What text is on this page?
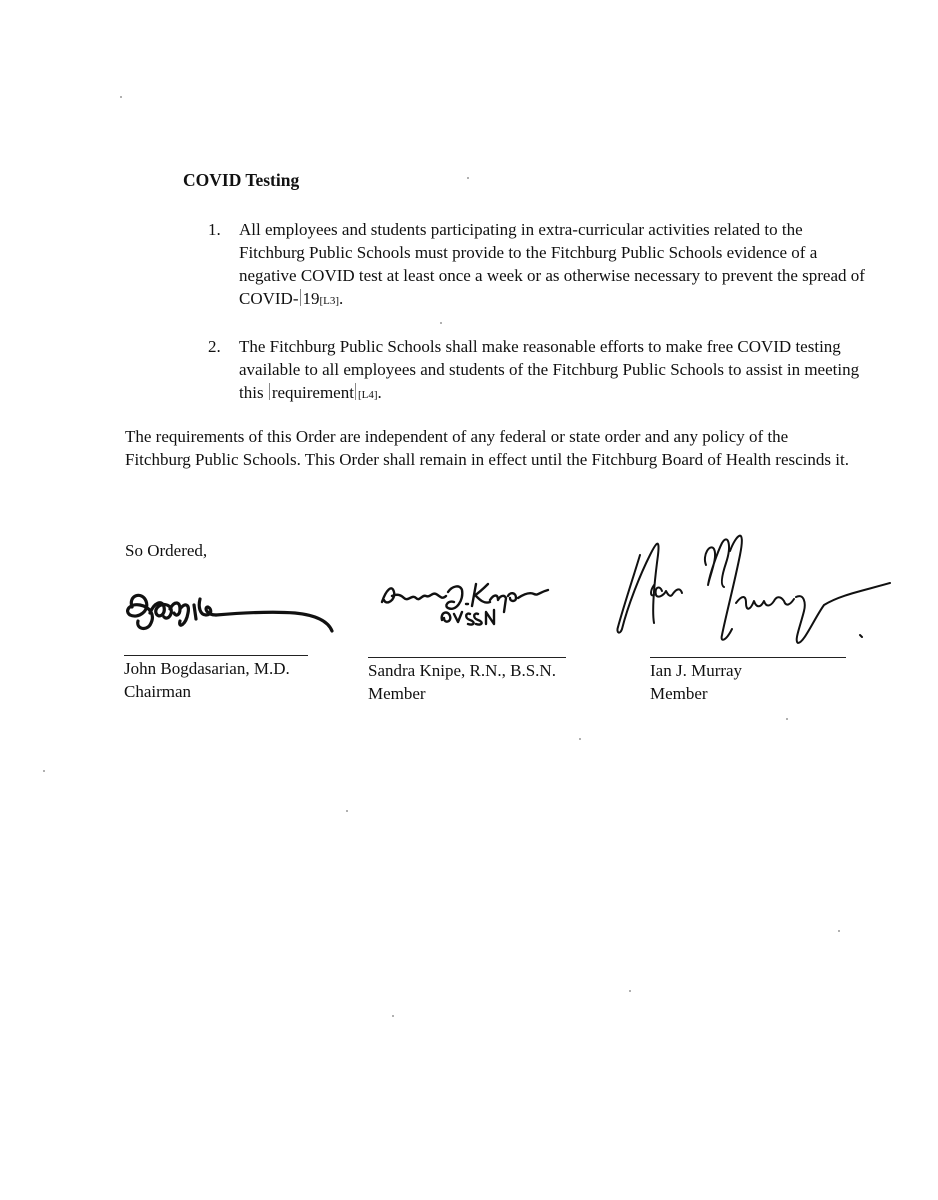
COVID Testing
1. All employees and students participating in extra-curricular activities related to the Fitchburg Public Schools must provide to the Fitchburg Public Schools evidence of a negative COVID test at least once a week or as otherwise necessary to prevent the spread of COVID- 19[L3].
2. The Fitchburg Public Schools shall make reasonable efforts to make free COVID testing available to all employees and students of the Fitchburg Public Schools to assist in meeting this requirement [L4].
The requirements of this Order are independent of any federal or state order and any policy of the Fitchburg Public Schools. This Order shall remain in effect until the Fitchburg Board of Health rescinds it.
So Ordered,
John Bogdasarian, M.D.
Chairman
Sandra Knipe, R.N., B.S.N.
Member
Ian J. Murray
Member
